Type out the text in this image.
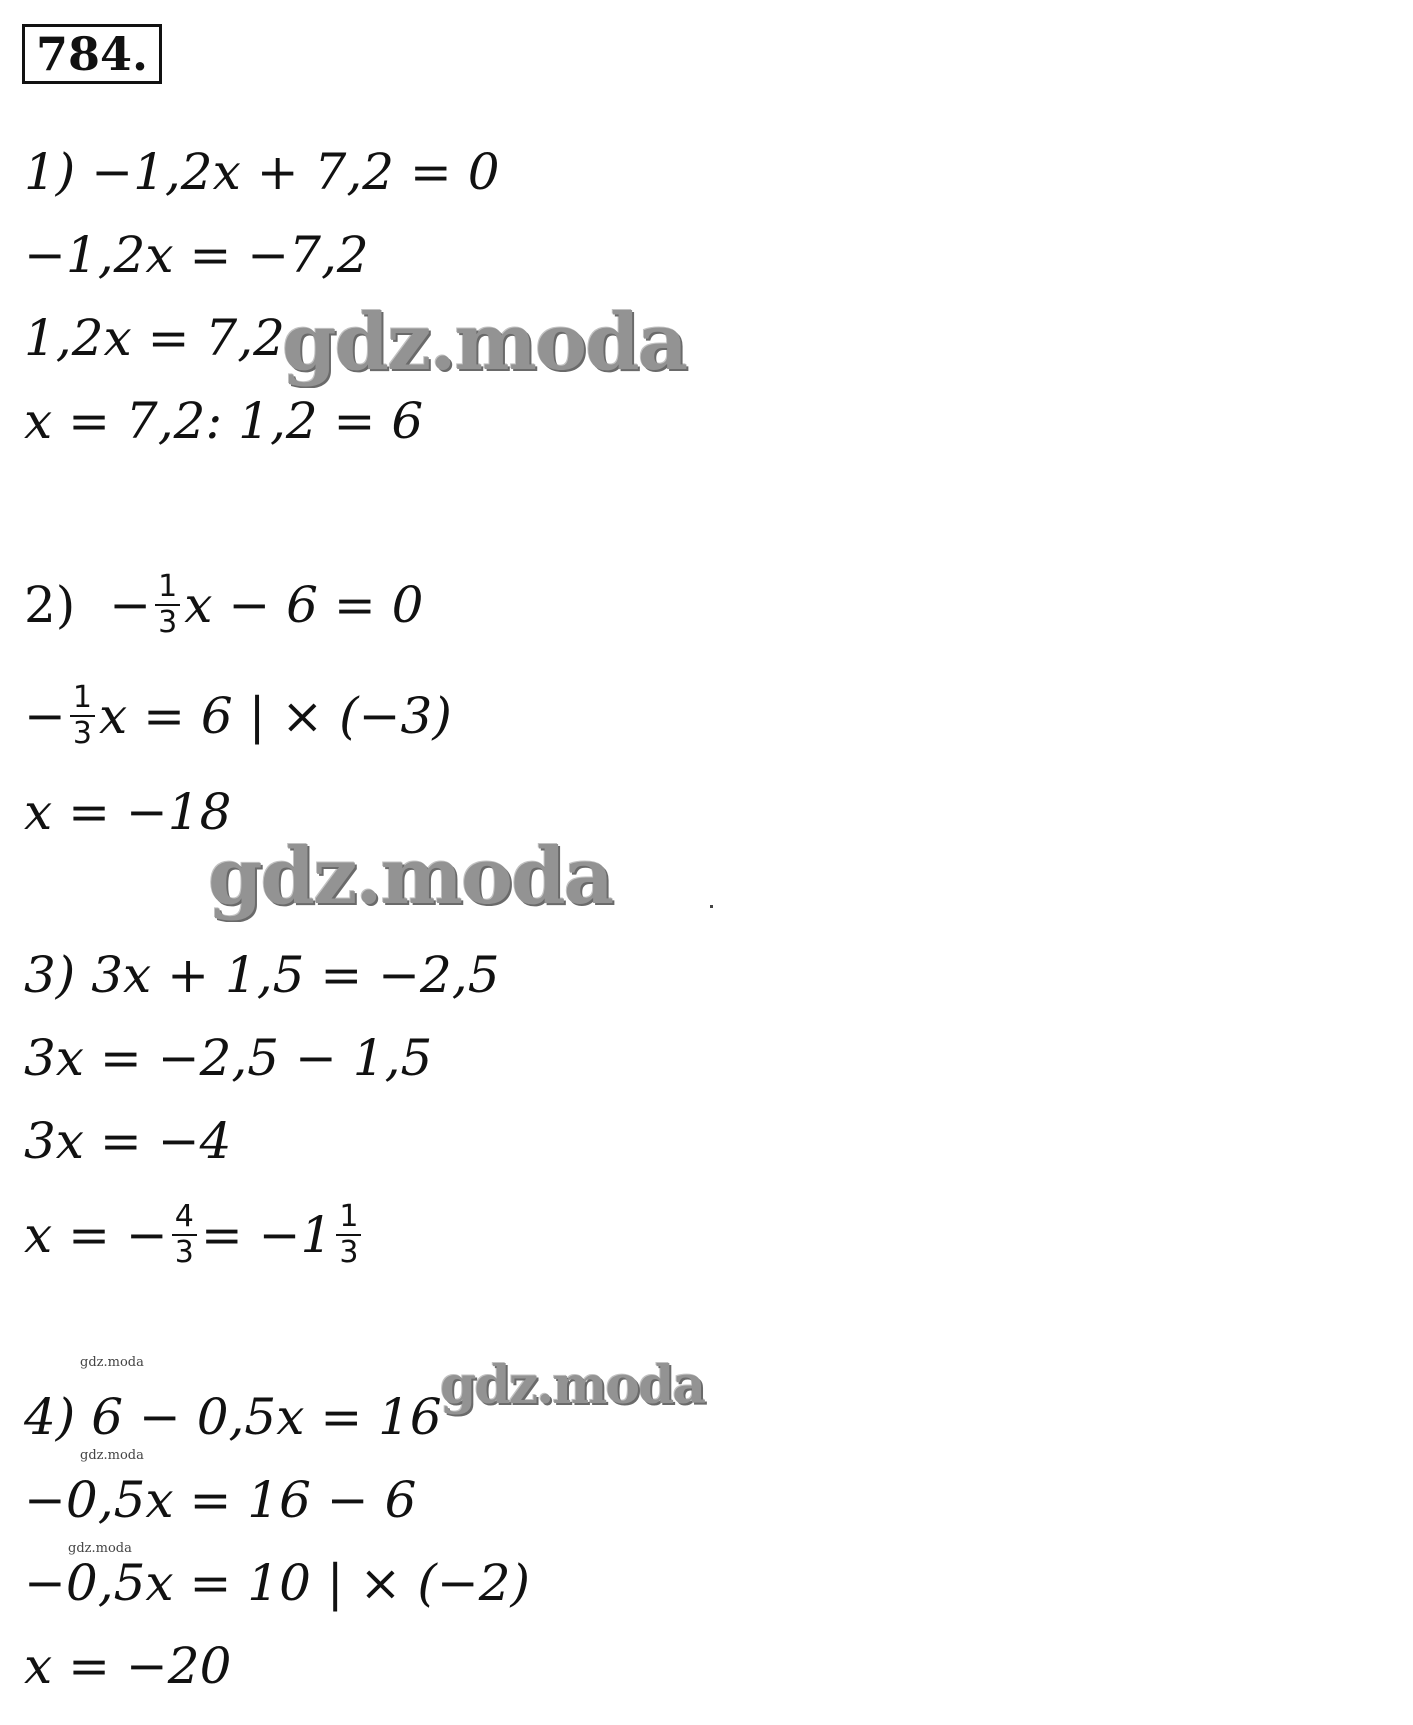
784.
1) −1,2x + 7,2 = 0
−1,2x = −7,2
1,2x = 7,2
x = 7,2: 1,2 = 6
$2) - \frac{1}{3}$ x − 6 = 0
− $\frac{1}{3}$ x = 6 | × (−3)
x = −18
3) 3x + 1,5 = −2,5
3x = −2,5 − 1,5
3x = −4
x = − $\frac{4}{3} = -1 \frac{1}{3}$
4) 6 − 0,5x = 16
−0,5x = 16 − 6
−0,5x = 10 | × (−2)
x = −20
gdz.moda
gdz.moda
gdz.moda
gdz.moda
gdz.moda
gdz.moda
